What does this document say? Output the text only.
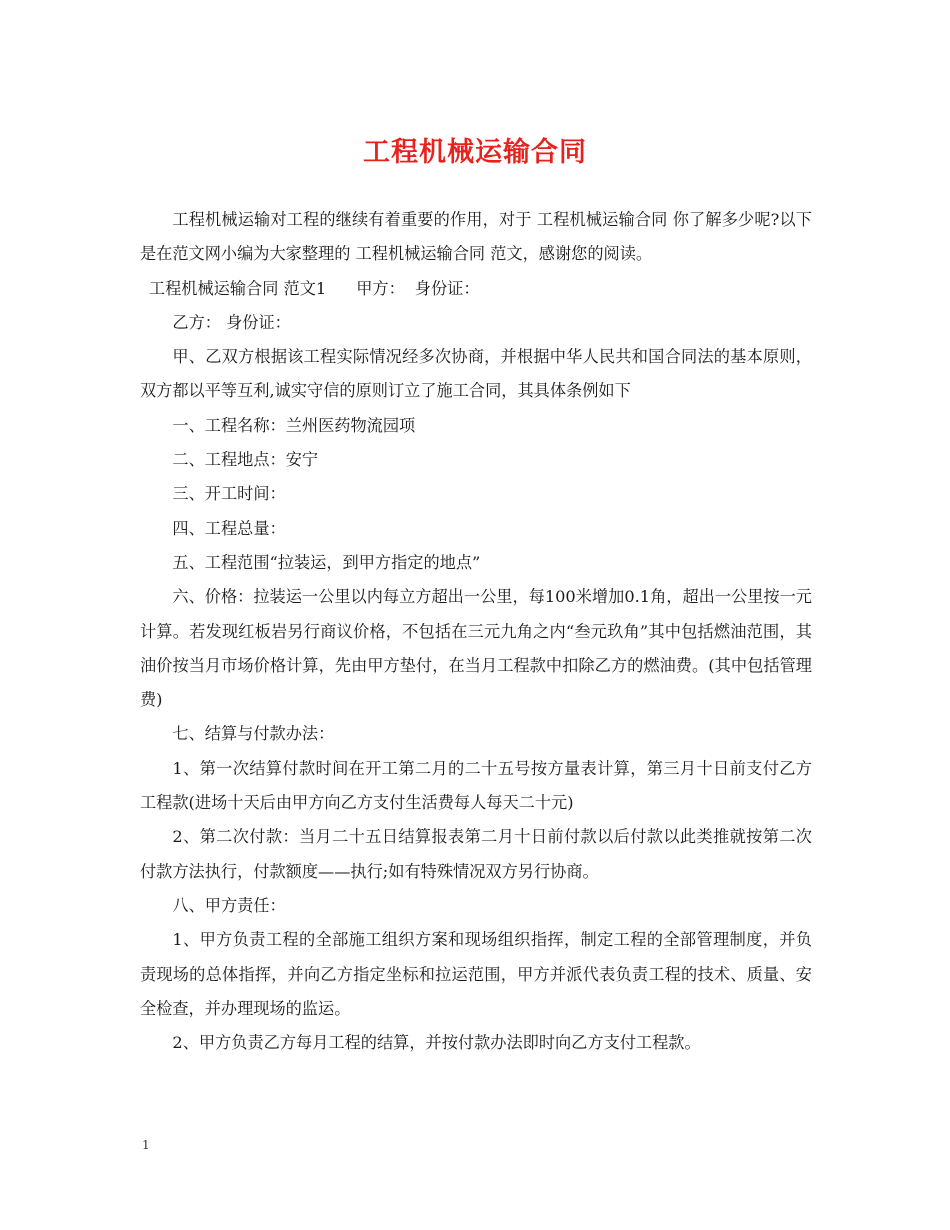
工程机械运输合同

工程机械运输对工程的继续有着重要的作用，对于 工程机械运输合同 你了解多少呢?以下是在范文网小编为大家整理的 工程机械运输合同 范文，感谢您的阅读。

工程机械运输合同 范文1 甲方： 身份证：

乙方： 身份证：

甲、乙双方根据该工程实际情况经多次协商，并根据中华人民共和国合同法的基本原则，双方都以平等互利,诚实守信的原则订立了施工合同，其具体条例如下

一、工程名称：兰州医药物流园项

二、工程地点：安宁

三、开工时间：

四、工程总量：

五、工程范围“拉装运，到甲方指定的地点”

六、价格：拉装运一公里以内每立方超出一公里，每100米增加0.1角，超出一公里按一元计算。若发现红板岩另行商议价格，不包括在三元九角之内“叁元玖角”其中包括燃油范围，其油价按当月市场价格计算，先由甲方垫付，在当月工程款中扣除乙方的燃油费。(其中包括管理费)

七、结算与付款办法：

1、第一次结算付款时间在开工第二月的二十五号按方量表计算，第三月十日前支付乙方工程款(进场十天后由甲方向乙方支付生活费每人每天二十元)

2、第二次付款：当月二十五日结算报表第二月十日前付款以后付款以此类推就按第二次付款方法执行，付款额度——执行;如有特殊情况双方另行协商。

八、甲方责任：

1、甲方负责工程的全部施工组织方案和现场组织指挥，制定工程的全部管理制度，并负责现场的总体指挥，并向乙方指定坐标和拉运范围，甲方并派代表负责工程的技术、质量、安全检查，并办理现场的监运。

2、甲方负责乙方每月工程的结算，并按付款办法即时向乙方支付工程款。

1
